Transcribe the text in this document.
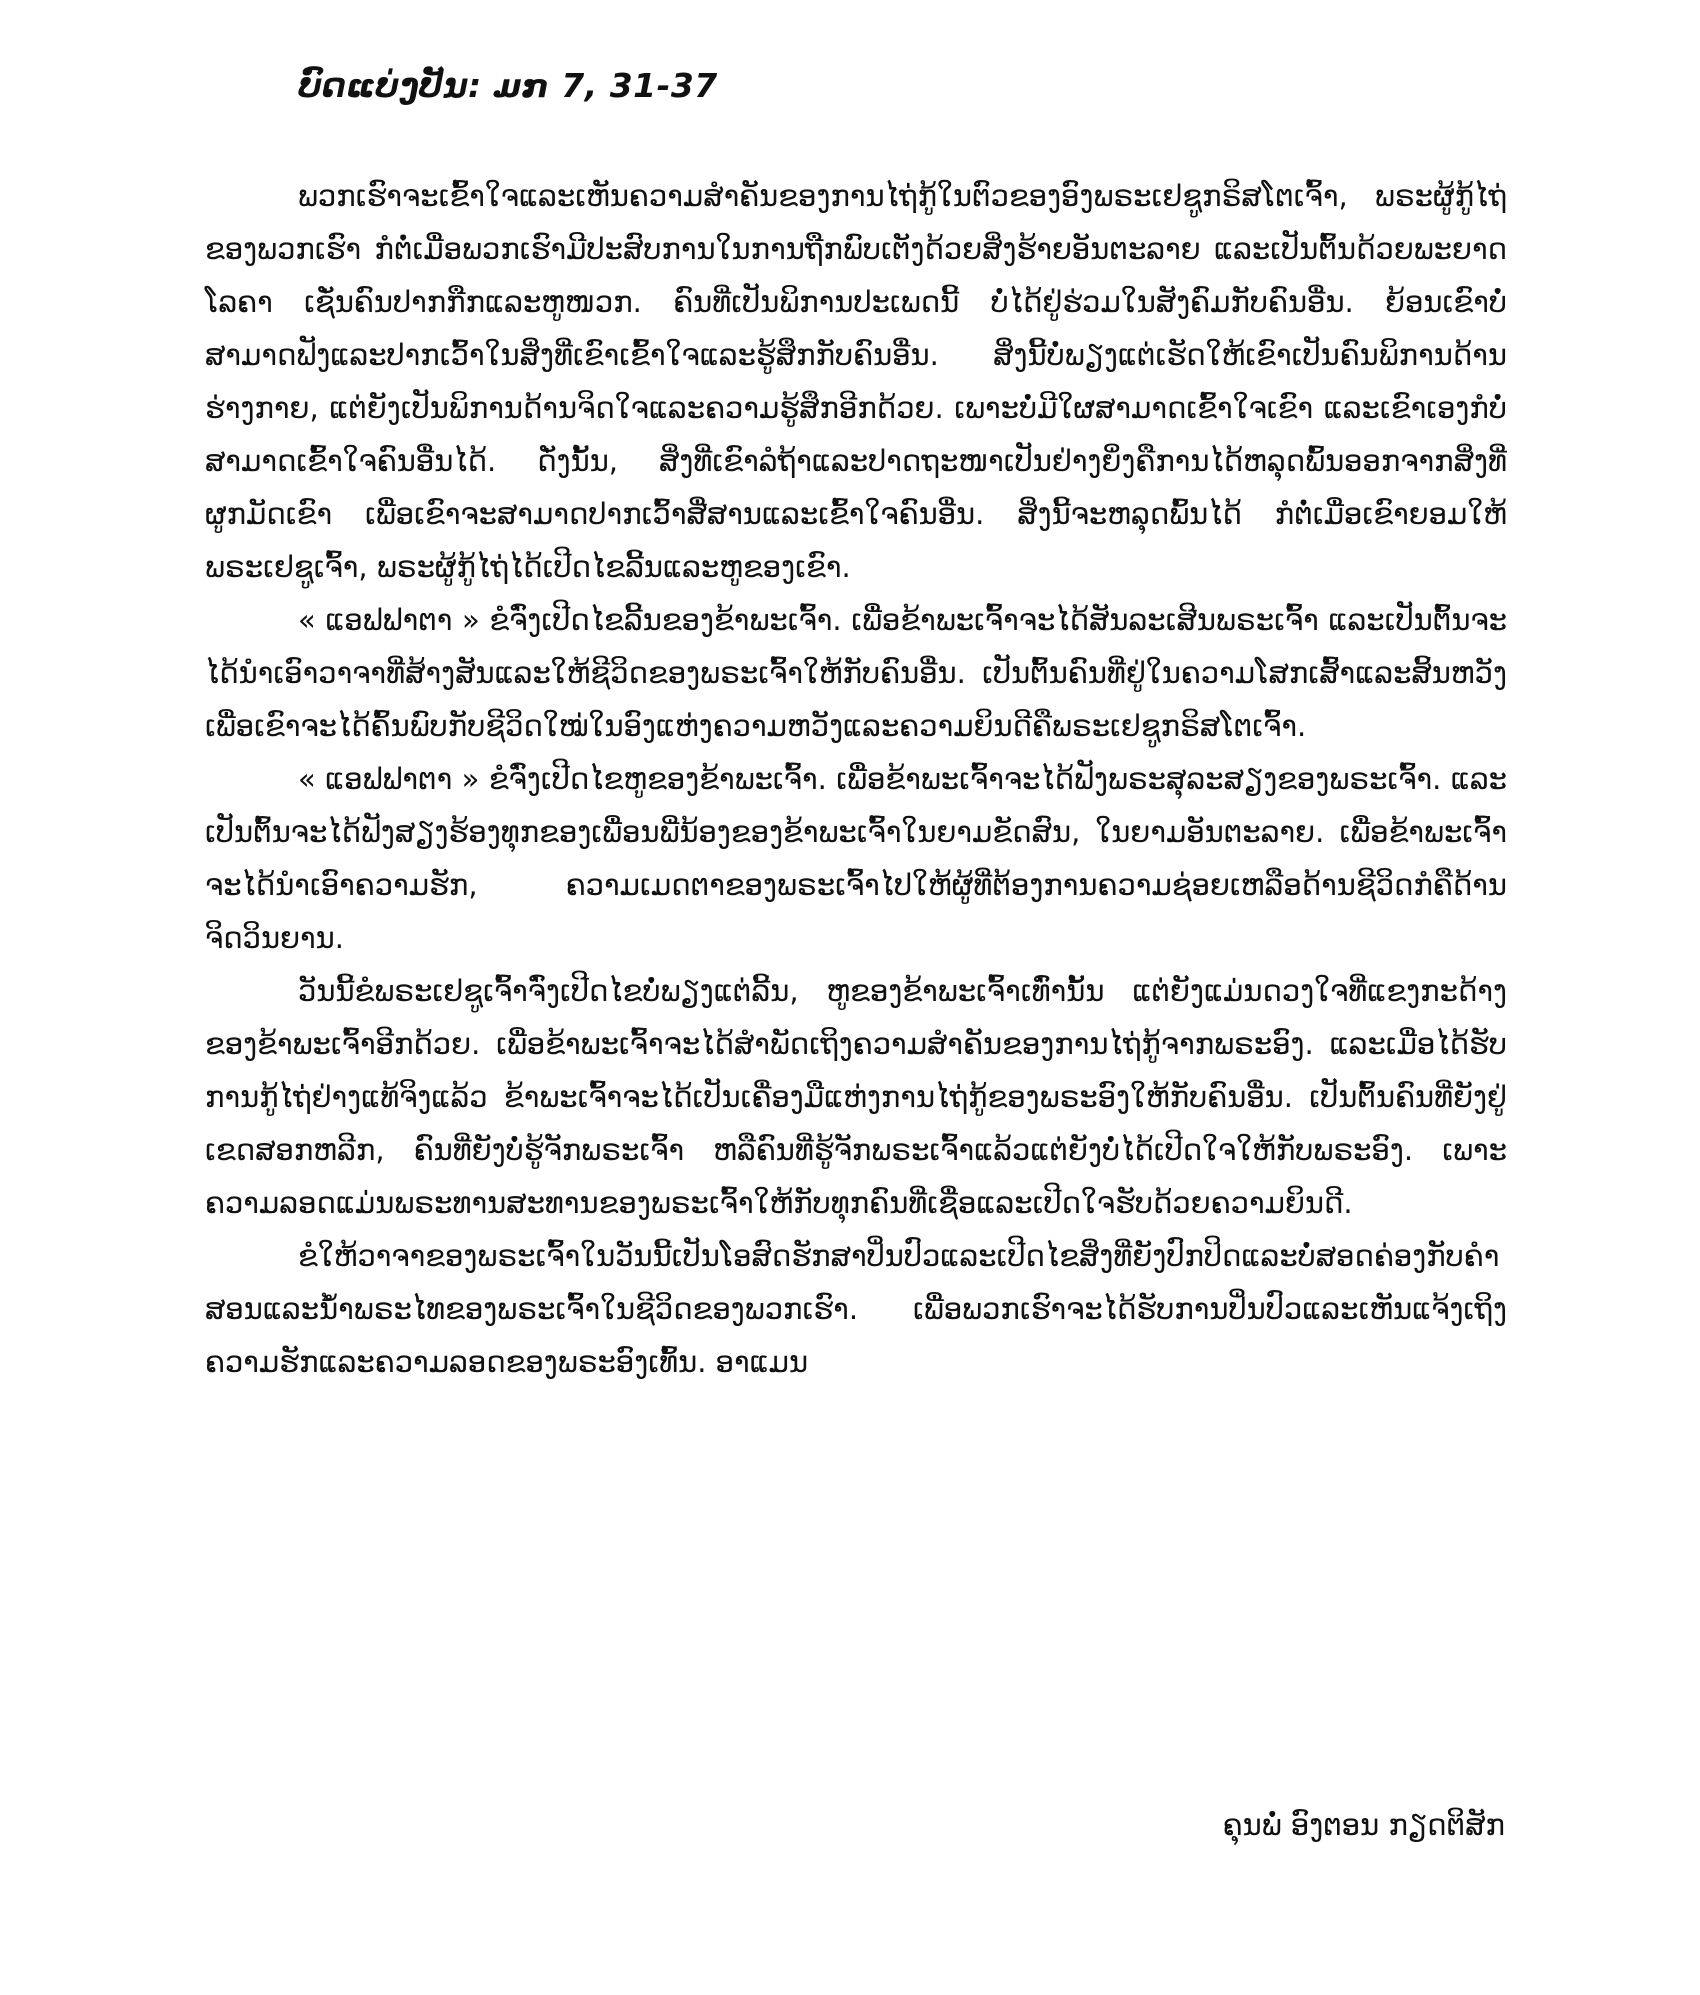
ບົດແບ່ງປັນ: ມກ 7, 31-37

ພວກເຮົາຈະເຂົ້າໃຈແລະເຫັນຄວາມສຳຄັນຂອງການໄຖ່ກູ້ໃນຕົວຂອງອົງພຣະເຢຊູກຣິສໂຕເຈົ້າ, ພຣະຜູ້ກູ້ໄຖ່ຂອງພວກເຮົາ ກໍຕໍ່ເມື່ອພວກເຮົາມີປະສົບການໃນການຖືກພົບເຕັງດ້ວຍສິ່ງຮ້າຍອັນຕະລາຍ ແລະເປັນຕົ້ນດ້ວຍພະຍາດໂລຄາ ເຊັ່ນຄົນປາກກືກແລະຫູໜວກ. ຄົນທີ່ເປັນພິການປະເພດນີ້ ບໍ່ໄດ້ຢູ່ຮ່ວມໃນສັງຄົມກັບຄົນອື່ນ. ຍ້ອນເຂົາບໍ່ສາມາດຟັງແລະປາກເວົ້າໃນສິ່ງທີ່ເຂົາເຂົ້າໃຈແລະຮູ້ສຶກກັບຄົນອື່ນ. ສິ່ງນີ້ບໍ່ພຽງແຕ່ເຮັດໃຫ້ເຂົາເປັນຄົນພິການດ້ານຮ່າງກາຍ, ແຕ່ຍັງເປັນພິການດ້ານຈິດໃຈແລະຄວາມຮູ້ສຶກອີກດ້ວຍ. ເພາະບໍ່ມີໃຜສາມາດເຂົ້າໃຈເຂົາ ແລະເຂົາເອງກໍບໍ່ສາມາດເຂົ້າໃຈຄົນອື່ນໄດ້. ດັ່ງນັ້ນ, ສິ່ງທີ່ເຂົາລໍຖ້າແລະປາດຖະໜາເປັນຢ່າງຍິ່ງຄືການໄດ້ຫລຸດພົ້ນອອກຈາກສິ່ງທີ່ຜູກມັດເຂົາ ເພື່ອເຂົາຈະສາມາດປາກເວົ້າສື່ສານແລະເຂົ້າໃຈຄົນອື່ນ. ສິ່ງນີ້ຈະຫລຸດພົ້ນໄດ້ ກໍຕໍ່ເມື່ອເຂົາຍອມໃຫ້ພຣະເຢຊູເຈົ້າ, ພຣະຜູ້ກູ້ໄຖ່ໄດ້ເປີດໄຂລີ້ນແລະຫູຂອງເຂົາ.

« ແອຟຟາຕາ » ຂໍຈົ່ງເປີດໄຂລີ້ນຂອງຂ້າພະເຈົ້າ. ເພື່ອຂ້າພະເຈົ້າຈະໄດ້ສັນລະເສີນພຣະເຈົ້າ ແລະເປັນຕົ້ນຈະໄດ້ນຳເອົາວາຈາທີ່ສ້າງສັນແລະໃຫ້ຊີວິດຂອງພຣະເຈົ້າໃຫ້ກັບຄົນອື່ນ. ເປັນຕົ້ນຄົນທີ່ຢູ່ໃນຄວາມໂສກເສົ້າແລະສິ້ນຫວັງ ເພື່ອເຂົາຈະໄດ້ຄົ້ນພົບກັບຊີວິດໃໝ່ໃນອົງແຫ່ງຄວາມຫວັງແລະຄວາມຍິນດີຄືພຣະເຢຊູກຣິສໂຕເຈົ້າ.

« ແອຟຟາຕາ » ຂໍຈົ່ງເປີດໄຂຫູຂອງຂ້າພະເຈົ້າ. ເພື່ອຂ້າພະເຈົ້າຈະໄດ້ຟັງພຣະສຸລະສຽງຂອງພຣະເຈົ້າ. ແລະເປັນຕົ້ນຈະໄດ້ຟັງສຽງຮ້ອງທຸກຂອງເພື່ອນພີ່ນ້ອງຂອງຂ້າພະເຈົ້າໃນຍາມຂັດສົນ, ໃນຍາມອັນຕະລາຍ. ເພື່ອຂ້າພະເຈົ້າຈະໄດ້ນຳເອົາຄວາມຮັກ, ຄວາມເມດຕາຂອງພຣະເຈົ້າໄປໃຫ້ຜູ້ທີ່ຕ້ອງການຄວາມຊ່ອຍເຫລືອດ້ານຊີວິດກໍຄືດ້ານຈິດວິນຍານ.

ວັນນີ້ຂໍພຣະເຢຊູເຈົ້າຈົ່ງເປີດໄຂບໍ່ພຽງແຕ່ລີ້ນ, ຫູຂອງຂ້າພະເຈົ້າເທົ່ານັ້ນ ແຕ່ຍັງແມ່ນດວງໃຈທີ່ແຂງກະດ້າງຂອງຂ້າພະເຈົ້າອີກດ້ວຍ. ເພື່ອຂ້າພະເຈົ້າຈະໄດ້ສຳພັດເຖິງຄວາມສຳຄັນຂອງການໄຖ່ກູ້ຈາກພຣະອົງ. ແລະເມື່ອໄດ້ຮັບການກູ້ໄຖ່ຢ່າງແທ້ຈິງແລ້ວ ຂ້າພະເຈົ້າຈະໄດ້ເປັນເຄື່ອງມືແຫ່ງການໄຖ່ກູ້ຂອງພຣະອົງໃຫ້ກັບຄົນອື່ນ. ເປັນຕົ້ນຄົນທີ່ຍັງຢູ່ເຂດສອກຫລີກ, ຄົນທີ່ຍັງບໍ່ຮູ້ຈັກພຣະເຈົ້າ ຫລືຄົນທີ່ຮູ້ຈັກພຣະເຈົ້າແລ້ວແຕ່ຍັງບໍ່ໄດ້ເປີດໃຈໃຫ້ກັບພຣະອົງ. ເພາະຄວາມລອດແມ່ນພຣະທານສະທານຂອງພຣະເຈົ້າໃຫ້ກັບທຸກຄົນທີ່ເຊື່ອແລະເປີດໃຈຮັບດ້ວຍຄວາມຍິນດີ.

ຂໍໃຫ້ວາຈາຂອງພຣະເຈົ້າໃນວັນນີ້ເປັນໂອສົດຮັກສາປິ່ນປົວແລະເປີດໄຂສິ່ງທີ່ຍັງປົກປິດແລະບໍ່ສອດຄ່ອງກັບຄຳສອນແລະນ້ຳພຣະໄທຂອງພຣະເຈົ້າໃນຊີວິດຂອງພວກເຮົາ. ເພື່ອພວກເຮົາຈະໄດ້ຮັບການປິ່ນປົວແລະເຫັນແຈ້ງເຖິງຄວາມຮັກແລະຄວາມລອດຂອງພຣະອົງເທົ້ນ. ອາແມນ

ຄຸນພໍ່ ອົງຕອນ ກຽດຕິສັກ
